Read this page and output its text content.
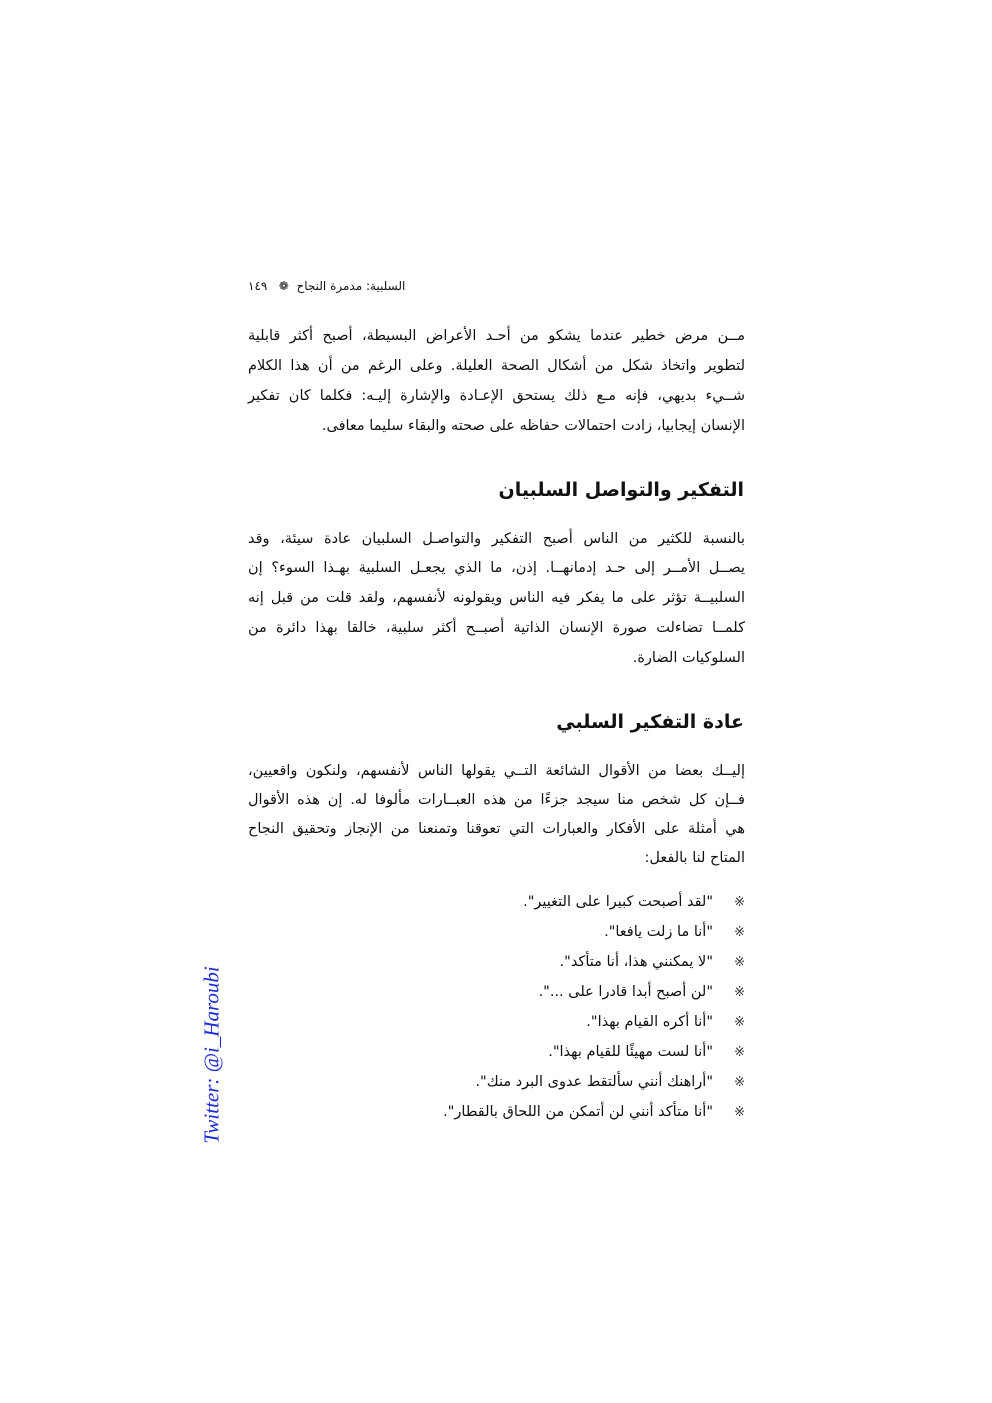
السلبية: مدمرة النجاح  ❁   ١٤٩
مــن مرض خطير عندما يشكو من أحـد الأعراض البسيطة، أصبح أكثر قابلية
لتطوير واتخاذ شكل من أشكال الصحة العليلة. وعلى الرغم من أن هذا الكلام
شــيء بديهي، فإنه مـع ذلك يستحق الإعـادة والإشارة إليـه: فكلما كان تفكير
الإنسان إيجابيا، زادت احتمالات حفاظه على صحته والبقاء سليما معافى.
التفكير والتواصل السلبيان
بالنسبة للكثير من الناس أصبح التفكير والتواصـل السلبيان عادة سيئة، وقد
يصــل الأمــر إلى حـد إدمانهــا. إذن، ما الذي يجعـل السلبية بهـذا السوء؟ إن
السلبيــة تؤثر على ما يفكر فيه الناس ويقولونه لأنفسهم، ولقد قلت من قبل إنه
كلمــا تضاءلت صورة الإنسان الذاتية أصبــح أكثر سلبية، خالقا بهذا دائرة من
السلوكيات الضارة.
عادة التفكير السلبي
إليــك بعضا من الأقوال الشائعة التــي يقولها الناس لأنفسهم، ولنكون واقعيين،
فــإن كل شخص منا سيجد جزءًا من هذه العبــارات مألوفا له. إن هذه الأقوال
هي أمثلة على الأفكار والعبارات التي تعوقنا وتمنعنا من الإنجاز وتحقيق النجاح
المتاح لنا بالفعل:
※"لقد أصبحت كبيرا على التغيير".
※"أنا ما زلت يافعا".
※"لا يمكنني هذا، أنا متأكد".
※"لن أصبح أبدا قادرا على ...".
※"أنا أكره القيام بهذا".
※"أنا لست مهيئًا للقيام بهذا".
※"أراهنك أنني سألتقط عدوى البرد منك".
※"أنا متأكد أنني لن أتمكن من اللحاق بالقطار".
Twitter: @i_Haroubi
